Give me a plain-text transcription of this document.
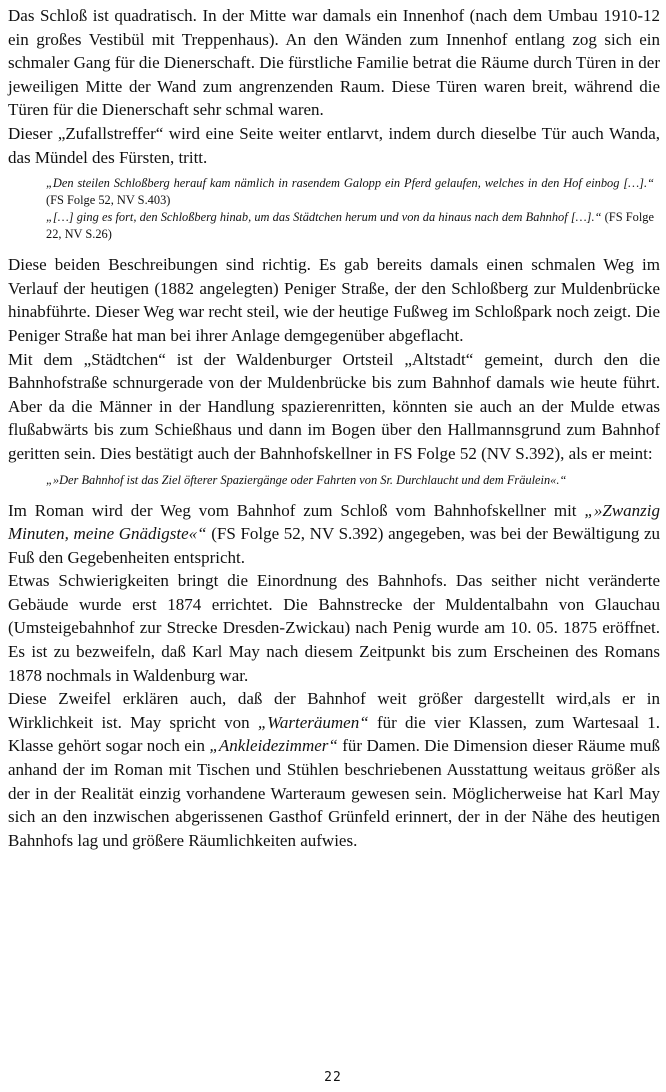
Das Schloß ist quadratisch. In der Mitte war damals ein Innenhof (nach dem Umbau 1910-12 ein großes Vestibül mit Treppenhaus). An den Wänden zum Innenhof entlang zog sich ein schmaler Gang für die Dienerschaft. Die fürstliche Familie betrat die Räume durch Türen in der jeweiligen Mitte der Wand zum angrenzenden Raum. Diese Türen waren breit, während die Türen für die Dienerschaft sehr schmal waren.

Dieser „Zufallstreffer“ wird eine Seite weiter entlarvt, indem durch dieselbe Tür auch Wanda, das Mündel des Fürsten, tritt.

„Den steilen Schloßberg herauf kam nämlich in rasendem Galopp ein Pferd gelaufen, welches in den Hof einbog […].“ (FS Folge 52, NV S.403)

„[…] ging es fort, den Schloßberg hinab, um das Städtchen herum und von da hinaus nach dem Bahnhof […].“ (FS Folge 22, NV S.26)

Diese beiden Beschreibungen sind richtig. Es gab bereits damals einen schmalen Weg im Verlauf der heutigen (1882 angelegten) Peniger Straße, der den Schloßberg zur Muldenbrücke hinabführte. Dieser Weg war recht steil, wie der heutige Fußweg im Schloßpark noch zeigt. Die Peniger Straße hat man bei ihrer Anlage demgegenüber abgeflacht.

Mit dem „Städtchen“ ist der Waldenburger Ortsteil „Altstadt“ gemeint, durch den die Bahnhofstraße schnurgerade von der Muldenbrücke bis zum Bahnhof damals wie heute führt. Aber da die Männer in der Handlung spazierenritten, könnten sie auch an der Mulde etwas flußabwärts bis zum Schießhaus und dann im Bogen über den Hallmannsgrund zum Bahnhof geritten sein. Dies bestätigt auch der Bahnhofskellner in FS Folge 52 (NV S.392), als er meint:

„»Der Bahnhof ist das Ziel öfterer Spaziergänge oder Fahrten von Sr. Durchlaucht und dem Fräulein«.“

Im Roman wird der Weg vom Bahnhof zum Schloß vom Bahnhofskellner mit „»Zwanzig Minuten, meine Gnädigste«“ (FS Folge 52, NV S.392) angegeben, was bei der Bewältigung zu Fuß den Gegebenheiten entspricht.

Etwas Schwierigkeiten bringt die Einordnung des Bahnhofs. Das seither nicht veränderte Gebäude wurde erst 1874 errichtet. Die Bahnstrecke der Muldentalbahn von Glauchau (Umsteigebahnhof zur Strecke Dresden-Zwickau) nach Penig wurde am 10. 05. 1875 eröffnet. Es ist zu bezweifeln, daß Karl May nach diesem Zeitpunkt bis zum Erscheinen des Romans 1878 nochmals in Waldenburg war.

Diese Zweifel erklären auch, daß der Bahnhof weit größer dargestellt wird,als er in Wirklichkeit ist. May spricht von „Warteräumen“ für die vier Klassen, zum Wartesaal 1. Klasse gehört sogar noch ein „Ankleidezimmer“ für Damen. Die Dimension dieser Räume muß anhand der im Roman mit Tischen und Stühlen beschriebenen Ausstattung weitaus größer als der in der Realität einzig vorhandene Warteraum gewesen sein. Möglicherweise hat Karl May sich an den inzwischen abgerissenen Gasthof Grünfeld erinnert, der in der Nähe des heutigen Bahnhofs lag und größere Räumlichkeiten aufwies.

22
